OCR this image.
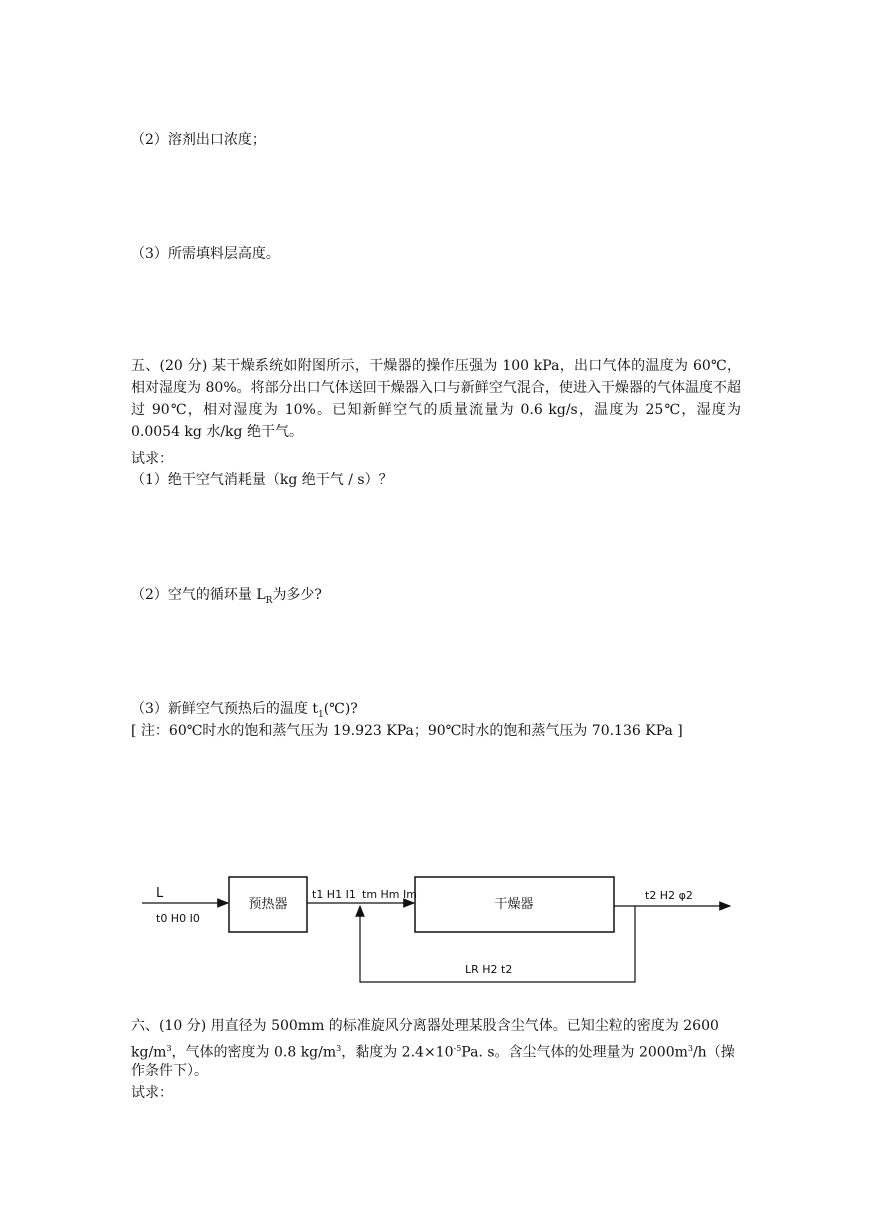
（2）溶剂出口浓度；
（3）所需填料层高度。
五、(20 分) 某干燥系统如附图所示，干燥器的操作压强为 100 kPa，出口气体的温度为 60℃，相对湿度为 80%。将部分出口气体送回干燥器入口与新鲜空气混合，使进入干燥器的气体温度不超过 90℃，相对湿度为 10%。已知新鲜空气的质量流量为 0.6 kg/s，温度为 25℃，湿度为 0.0054 kg 水/kg 绝干气。
试求：
（1）绝干空气消耗量（kg 绝干气 / s）？
（2）空气的循环量 $L_R$为多少?
（3）新鲜空气预热后的温度 $t_1(℃)$?
[ 注：60℃时水的饱和蒸气压为 19.923 KPa；90℃时水的饱和蒸气压为 70.136 KPa ]
L
t0 H0 I0
预热器
t1 H1 I1 tm Hm Im
干燥器
t2 H2 φ2
LR H2 t2
六、(10 分) 用直径为 500mm 的标准旋风分离器处理某股含尘气体。已知尘粒的密度为 2600
$kg/m^3$，气体的密度为 0.8 $kg/m^3$，黏度为 $2.4\times 10^{-5}Pa$. s。含尘气体的处理量为 $2000m^3/h$（操
作条件下）。
试求：
